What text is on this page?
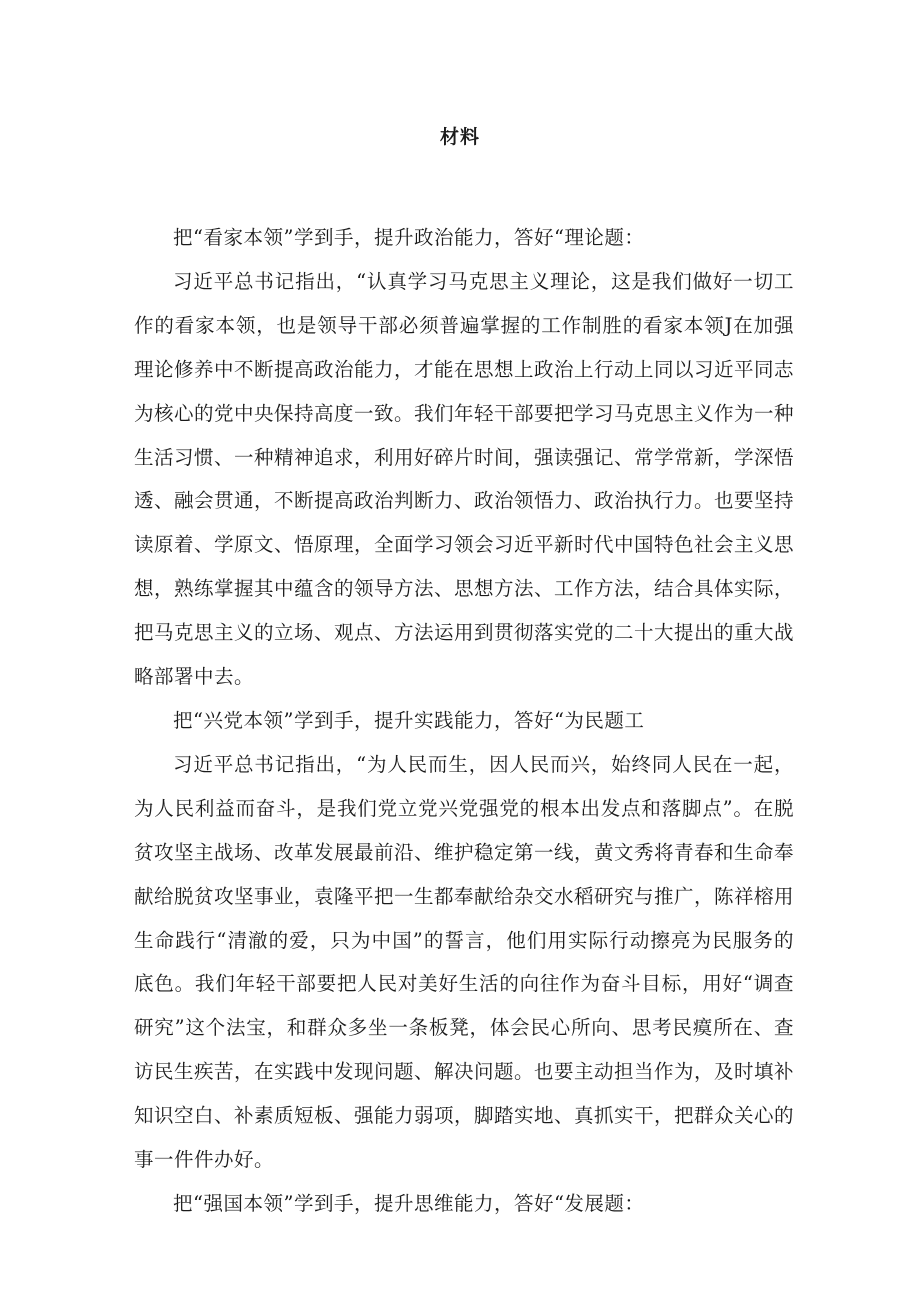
材料

把“看家本领”学到手，提升政治能力，答好“理论题：

习近平总书记指出，“认真学习马克思主义理论，这是我们做好一切工作的看家本领，也是领导干部必须普遍掌握的工作制胜的看家本领J在加强理论修养中不断提高政治能力，才能在思想上政治上行动上同以习近平同志为核心的党中央保持高度一致。我们年轻干部要把学习马克思主义作为一种生活习惯、一种精神追求，利用好碎片时间，强读强记、常学常新，学深悟透、融会贯通，不断提高政治判断力、政治领悟力、政治执行力。也要坚持读原着、学原文、悟原理，全面学习领会习近平新时代中国特色社会主义思想，熟练掌握其中蕴含的领导方法、思想方法、工作方法，结合具体实际，把马克思主义的立场、观点、方法运用到贯彻落实党的二十大提出的重大战略部署中去。

把“兴党本领”学到手，提升实践能力，答好“为民题工

习近平总书记指出，“为人民而生，因人民而兴，始终同人民在一起，为人民利益而奋斗，是我们党立党兴党强党的根本出发点和落脚点”。在脱贫攻坚主战场、改革发展最前沿、维护稳定第一线，黄文秀将青春和生命奉献给脱贫攻坚事业，袁隆平把一生都奉献给杂交水稻研究与推广，陈祥榕用生命践行“清澈的爱，只为中国”的誓言，他们用实际行动擦亮为民服务的底色。我们年轻干部要把人民对美好生活的向往作为奋斗目标，用好“调查研究”这个法宝，和群众多坐一条板凳，体会民心所向、思考民瘼所在、查访民生疾苦，在实践中发现问题、解决问题。也要主动担当作为，及时填补知识空白、补素质短板、强能力弱项，脚踏实地、真抓实干，把群众关心的事一件件办好。

把“强国本领”学到手，提升思维能力，答好“发展题：
